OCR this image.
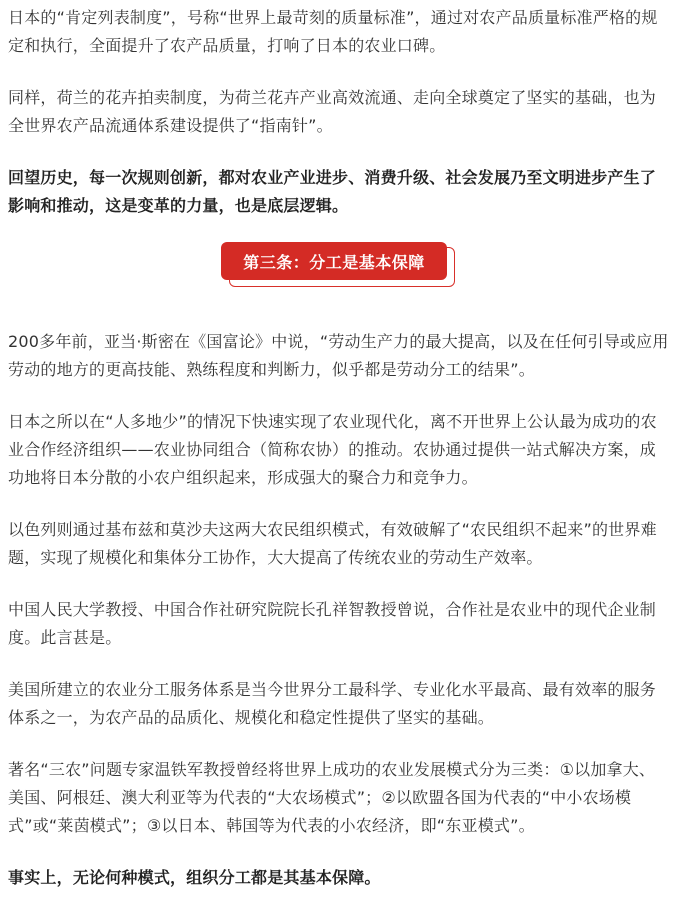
日本的“肯定列表制度”，号称“世界上最苛刻的质量标准”，通过对农产品质量标准严格的规定和执行，全面提升了农产品质量，打响了日本的农业口碑。

同样，荷兰的花卉拍卖制度，为荷兰花卉产业高效流通、走向全球奠定了坚实的基础，也为全世界农产品流通体系建设提供了“指南针”。

回望历史，每一次规则创新，都对农业产业进步、消费升级、社会发展乃至文明进步产生了影响和推动，这是变革的力量，也是底层逻辑。

第三条：分工是基本保障

200多年前，亚当·斯密在《国富论》中说，“劳动生产力的最大提高，以及在任何引导或应用劳动的地方的更高技能、熟练程度和判断力，似乎都是劳动分工的结果”。

日本之所以在“人多地少”的情况下快速实现了农业现代化，离不开世界上公认最为成功的农业合作经济组织——农业协同组合（简称农协）的推动。农协通过提供一站式解决方案，成功地将日本分散的小农户组织起来，形成强大的聚合力和竞争力。

以色列则通过基布兹和莫沙夫这两大农民组织模式，有效破解了“农民组织不起来”的世界难题，实现了规模化和集体分工协作，大大提高了传统农业的劳动生产效率。

中国人民大学教授、中国合作社研究院院长孔祥智教授曾说，合作社是农业中的现代企业制度。此言甚是。

美国所建立的农业分工服务体系是当今世界分工最科学、专业化水平最高、最有效率的服务体系之一，为农产品的品质化、规模化和稳定性提供了坚实的基础。

著名“三农”问题专家温铁军教授曾经将世界上成功的农业发展模式分为三类：①以加拿大、美国、阿根廷、澳大利亚等为代表的“大农场模式”；②以欧盟各国为代表的“中小农场模式”或“莱茵模式”；③以日本、韩国等为代表的小农经济，即“东亚模式”。

事实上，无论何种模式，组织分工都是其基本保障。
